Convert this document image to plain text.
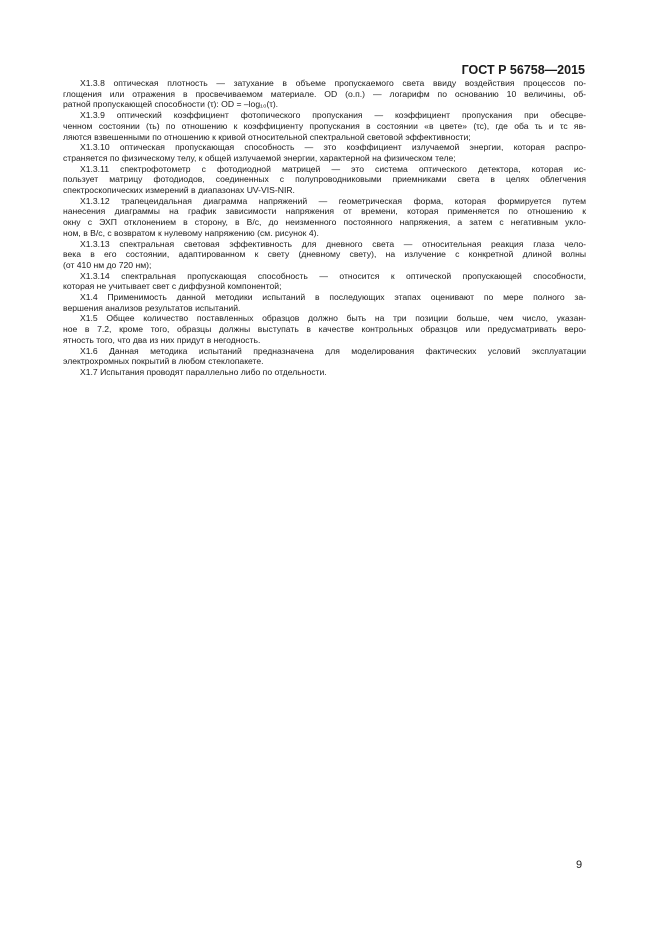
ГОСТ Р 56758—2015
X1.3.8 оптическая плотность — затухание в объеме пропускаемого света ввиду воздействия процессов по-
глощения или отражения в просвечиваемом материале. OD (о.п.) — логарифм по основанию 10 величины, об-
ратной пропускающей способности (τ): OD = –log₁₀(τ).
X1.3.9 оптический коэффициент фотопического пропускания — коэффициент пропускания при обесцве-
ченном состоянии (τь) по отношению к коэффициенту пропускания в состоянии «в цвете» (τс), где оба τь и τс яв-
ляются взвешенными по отношению к кривой относительной спектральной световой эффективности;
X1.3.10 оптическая пропускающая способность — это коэффициент излучаемой энергии, которая распро-
страняется по физическому телу, к общей излучаемой энергии, характерной на физическом теле;
X1.3.11 спектрофотометр с фотодиодной матрицей — это система оптического детектора, которая ис-
пользует матрицу фотодиодов, соединенных с полупроводниковыми приемниками света в целях облегчения
спектроскопических измерений в диапазонах UV-VIS-NIR.
X1.3.12 трапецеидальная диаграмма напряжений — геометрическая форма, которая формируется путем
нанесения диаграммы на график зависимости напряжения от времени, которая применяется по отношению к
окну с ЭХП отклонением в сторону, в В/с, до неизменного постоянного напряжения, а затем с негативным укло-
ном, в В/с, с возвратом к нулевому напряжению (см. рисунок 4).
X1.3.13 спектральная световая эффективность для дневного света — относительная реакция глаза чело-
века в его состоянии, адаптированном к свету (дневному свету), на излучение с конкретной длиной волны
(от 410 нм до 720 нм);
X1.3.14 спектральная пропускающая способность — относится к оптической пропускающей способности,
которая не учитывает свет с диффузной компонентой;
X1.4 Применимость данной методики испытаний в последующих этапах оценивают по мере полного за-
вершения анализов результатов испытаний.
X1.5 Общее количество поставленных образцов должно быть на три позиции больше, чем число, указан-
ное в 7.2, кроме того, образцы должны выступать в качестве контрольных образцов или предусматривать веро-
ятность того, что два из них придут в негодность.
X1.6 Данная методика испытаний предназначена для моделирования фактических условий эксплуатации
электрохромных покрытий в любом стеклопакете.
X1.7 Испытания проводят параллельно либо по отдельности.
9
